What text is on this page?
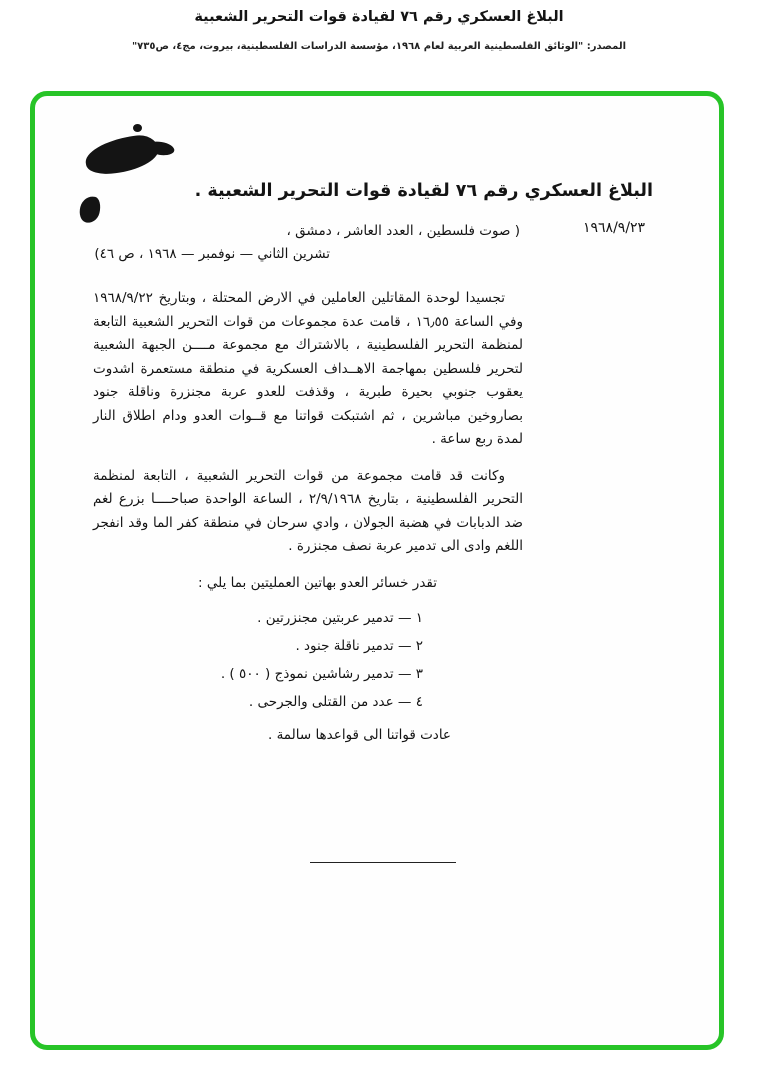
البلاغ العسكري رقم ٧٦ لقيادة قوات التحرير الشعبية
المصدر: "الوثائق الفلسطينية العربية لعام ١٩٦٨، مؤسسة الدراسات الفلسطينية، بيروت، مج٤، ص٧٣٥"
البلاغ العسكري رقم ٧٦ لقيادة قوات التحرير الشعبية .
١٩٦٨/٩/٢٣
( صوت فلسطين ، العدد العاشر ، دمشق ،
تشرين الثاني — نوفمبر — ١٩٦٨ ، ص ٤٦)

تجسيدا لوحدة المقاتلين العاملين في الارض المحتلة ، وبتاريخ ١٩٦٨/٩/٢٢ وفي الساعة ١٦٫٥٥ ، قامت عدة مجموعات من قوات التحرير الشعبية التابعة لمنظمة التحرير الفلسطينية ، بالاشتراك مع مجموعة مــــن الجبهة الشعبية لتحرير فلسطين بمهاجمة الاهــداف العسكرية في منطقة مستعمرة اشدوت يعقوب جنوبي بحيرة طبرية ، وقذفت للعدو عربة مجنزرة وناقلة جنود بصاروخين مباشرين ، ثم اشتبكت قواتنا مع قــوات العدو ودام اطلاق النار لمدة ربع ساعة .

وكانت قد قامت مجموعة من قوات التحرير الشعبية ، التابعة لمنظمة التحرير الفلسطينية ، بتاريخ ٢/٩/١٩٦٨ ، الساعة الواحدة صباحــــا بزرع لغم ضد الدبابات في هضبة الجولان ، وادي سرحان في منطقة كفر الما وقد انفجر اللغم وادى الى تدمير عربة نصف مجنزرة .

تقدر خسائر العدو بهاتين العمليتين بما يلي :

١ — تدمير عربتين مجنزرتين .
٢ — تدمير ناقلة جنود .
٣ — تدمير رشاشين نموذج ( ٥٠٠ ) .
٤ — عدد من القتلى والجرحى .

عادت قواتنا الى قواعدها سالمة .
